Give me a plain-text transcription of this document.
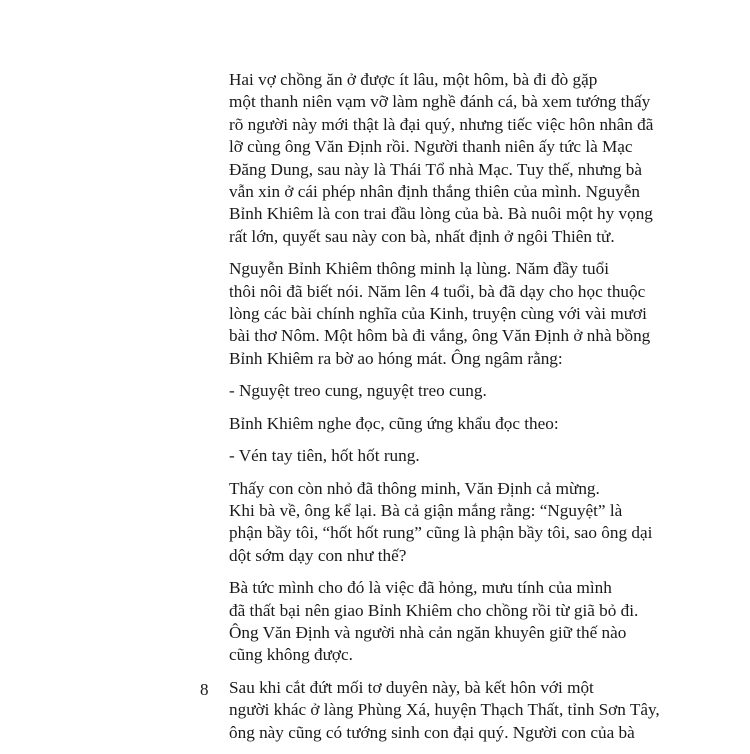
Hai vợ chồng ăn ở được ít lâu, một hôm, bà đi đò gặp
một thanh niên vạm vỡ làm nghề đánh cá, bà xem tướng thấy
rõ người này mới thật là đại quý, nhưng tiếc việc hôn nhân đã
lỡ cùng ông Văn Định rồi. Người thanh niên ấy tức là Mạc
Đăng Dung, sau này là Thái Tổ nhà Mạc. Tuy thế, nhưng bà
vẫn xin ở cái phép nhân định thắng thiên của mình. Nguyễn
Bỉnh Khiêm là con trai đầu lòng của bà. Bà nuôi một hy vọng
rất lớn, quyết sau này con bà, nhất định ở ngôi Thiên tử.

Nguyễn Bỉnh Khiêm thông minh lạ lùng. Năm đầy tuổi
thôi nôi đã biết nói. Năm lên 4 tuổi, bà đã dạy cho học thuộc
lòng các bài chính nghĩa của Kinh, truyện cùng với vài mươi
bài thơ Nôm. Một hôm bà đi vắng, ông Văn Định ở nhà bồng
Bỉnh Khiêm ra bờ ao hóng mát. Ông ngâm rằng:

- Nguyệt treo cung, nguyệt treo cung.

Bỉnh Khiêm nghe đọc, cũng ứng khẩu đọc theo:

- Vén tay tiên, hốt hốt rung.

Thấy con còn nhỏ đã thông minh, Văn Định cả mừng.
Khi bà về, ông kể lại. Bà cả giận mắng rằng: “Nguyệt” là
phận bầy tôi, “hốt hốt rung” cũng là phận bầy tôi, sao ông dại
dột sớm dạy con như thế?

Bà tức mình cho đó là việc đã hỏng, mưu tính của mình
đã thất bại nên giao Bỉnh Khiêm cho chồng rồi từ giã bỏ đi.
Ông Văn Định và người nhà cản ngăn khuyên giữ thế nào
cũng không được.

Sau khi cắt đứt mối tơ duyên này, bà kết hôn với một
người khác ở làng Phùng Xá, huyện Thạch Thất, tỉnh Sơn Tây,
ông này cũng có tướng sinh con đại quý. Người con của bà

8
